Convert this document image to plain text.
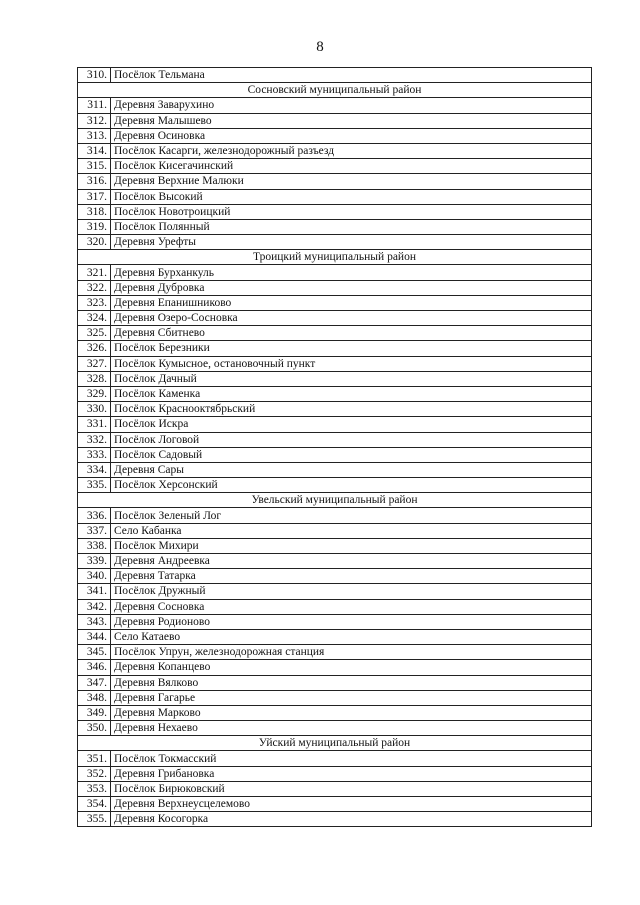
8
310.	Посёлок Тельмана
Сосновский муниципальный район	
311.	Деревня Заварухино
312.	Деревня Малышево
313.	Деревня Осиновка
314.	Посёлок Касарги, железнодорожный разъезд
315.	Посёлок Кисегачинский
316.	Деревня Верхние Малюки
317.	Посёлок Высокий
318.	Посёлок Новотроицкий
319.	Посёлок Полянный
320.	Деревня Урефты
Троицкий муниципальный район	
321.	Деревня Бурханкуль
322.	Деревня Дубровка
323.	Деревня Епанишниково
324.	Деревня Озеро-Сосновка
325.	Деревня Сбитнево
326.	Посёлок Березники
327.	Посёлок Кумысное, остановочный пункт
328.	Посёлок Дачный
329.	Посёлок Каменка
330.	Посёлок Краснооктябрьский
331.	Посёлок Искра
332.	Посёлок Логовой
333.	Посёлок Садовый
334.	Деревня Сары
335.	Посёлок Херсонский
Увельский муниципальный район	
336.	Посёлок Зеленый Лог
337.	Село Кабанка
338.	Посёлок Михири
339.	Деревня Андреевка
340.	Деревня Татарка
341.	Посёлок Дружный
342.	Деревня Сосновка
343.	Деревня Родионово
344.	Село Катаево
345.	Посёлок Упрун, железнодорожная станция
346.	Деревня Копанцево
347.	Деревня Вялково
348.	Деревня Гагарье
349.	Деревня Марково
350.	Деревня Нехаево
Уйский муниципальный район	
351.	Посёлок Токмасский
352.	Деревня Грибановка
353.	Посёлок Бирюковский
354.	Деревня Верхнеусцелемово
355.	Деревня Косогорка
